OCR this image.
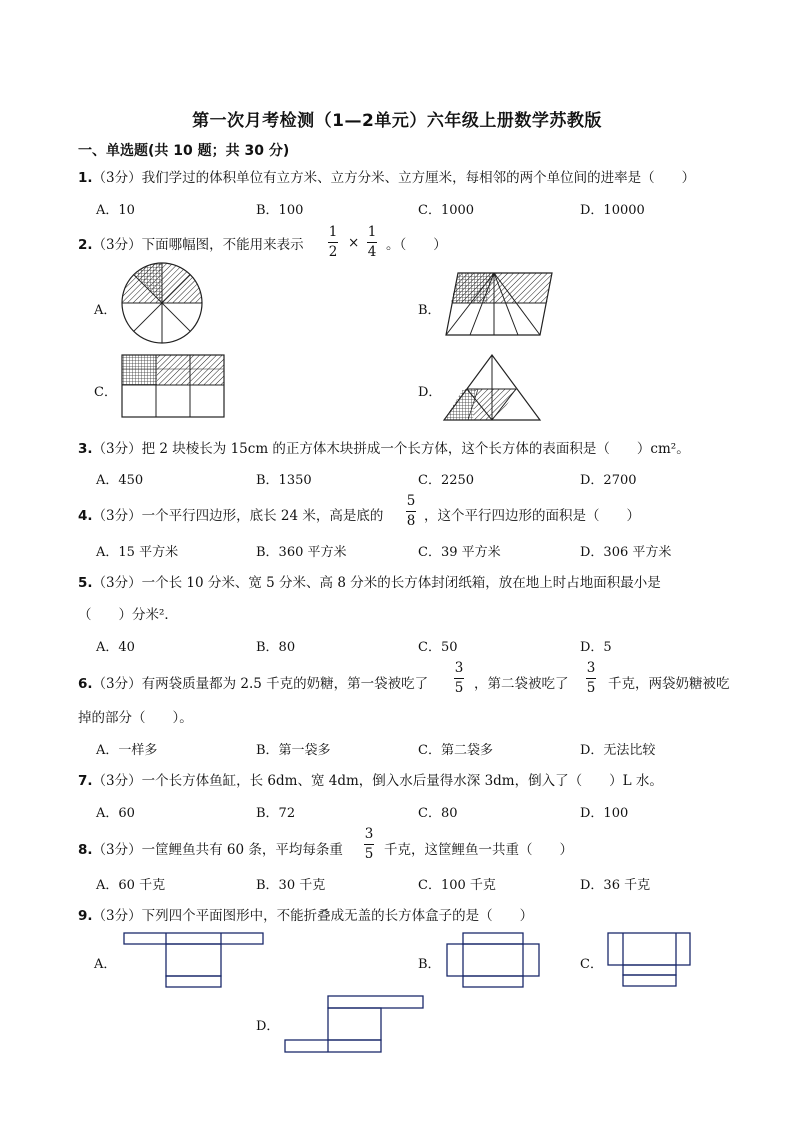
第一次月考检测（1—2单元）六年级上册数学苏教版
一、单选题(共 10 题；共 30 分)
1.（3分）我们学过的体积单位有立方米、立方分米、立方厘米，每相邻的两个单位间的进率是（　　）
A．10	B．100	C．1000	D．10000
2.（3分）下面哪幅图，不能用来表示
1
2
×
1
4 。（　　）
A．	B．
C．	D．
3.（3分）把 2 块棱长为 15cm 的正方体木块拼成一个长方体，这个长方体的表面积是（　　）cm²。
A．450	B．1350	C．2250	D．2700
4.（3分）一个平行四边形，底长 24 米，高是底的
5
8 ，这个平行四边形的面积是（　　）
A．15 平方米	B．360 平方米	C．39 平方米	D．306 平方米
5.（3分）一个长 10 分米、宽 5 分米、高 8 分米的长方体封闭纸箱，放在地上时占地面积最小是
（　　）分米²．
A．40	B．80	C．50	D．5
6.（3分）有两袋质量都为 2.5 千克的奶糖，第一袋被吃了
3
5 ，第二袋被吃了
3
5 千克，两袋奶糖被吃
掉的部分（　　）。
A．一样多	B．第一袋多	C．第二袋多	D．无法比较
7.（3分）一个长方体鱼缸，长 6dm、宽 4dm，倒入水后量得水深 3dm，倒入了（　　）L 水。
A．60	B．72	C．80	D．100
8.（3分）一筐鲤鱼共有 60 条，平均每条重
3
5 千克，这筐鲤鱼一共重（　　）
A．60 千克	B．30 千克	C．100 千克	D．36 千克
9.（3分）下列四个平面图形中，不能折叠成无盖的长方体盒子的是（　　）
A．	B．	C．
D．
